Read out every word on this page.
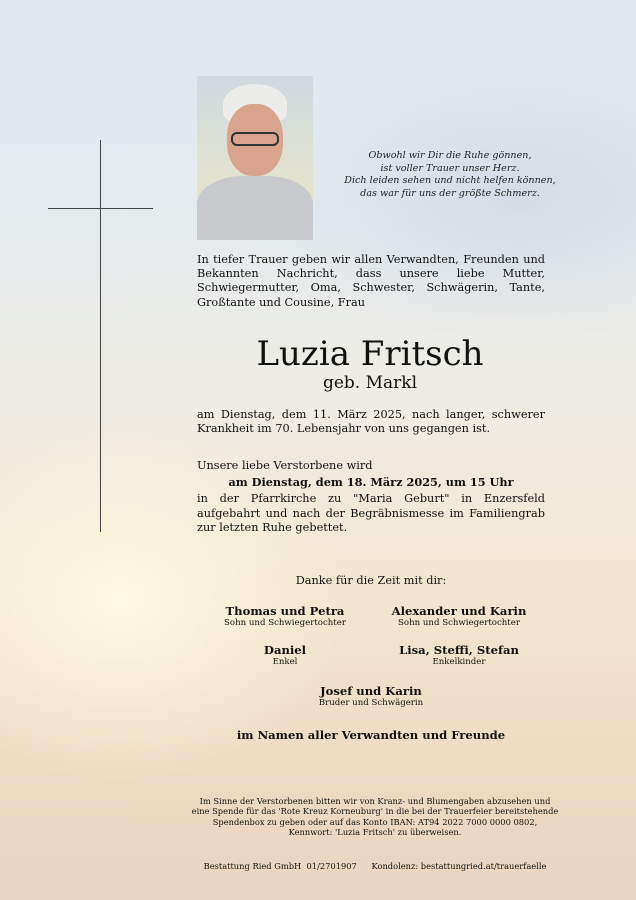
Obwohl wir Dir die Ruhe gönnen,
ist voller Trauer unser Herz.
Dich leiden sehen und nicht helfen können,
das war für uns der größte Schmerz.
In tiefer Trauer geben wir allen Verwandten, Freunden und Bekannten Nachricht, dass unsere liebe Mutter, Schwiegermutter, Oma, Schwester, Schwägerin, Tante, Großtante und Cousine, Frau
Luzia Fritsch
geb. Markl
am Dienstag, dem 11. März 2025, nach langer, schwerer Krankheit im 70. Lebensjahr von uns gegangen ist.
Unsere liebe Verstorbene wird
am Dienstag, dem 18. März 2025, um 15 Uhr
in der Pfarrkirche zu "Maria Geburt" in Enzersfeld aufgebahrt und nach der Begräbnismesse im Familiengrab zur letzten Ruhe gebettet.
Danke für die Zeit mit dir:
Thomas und Petra
Sohn und Schwiegertochter
Alexander und Karin
Sohn und Schwiegertochter
Daniel
Enkel
Lisa, Steffi, Stefan
Enkelkinder
Josef und Karin
Bruder und Schwägerin
im Namen aller Verwandten und Freunde
Im Sinne der Verstorbenen bitten wir von Kranz- und Blumengaben abzusehen und eine Spende für das 'Rote Kreuz Korneuburg' in die bei der Trauerfeier bereitstehende Spendenbox zu geben oder auf das Konto IBAN: AT94 2022 7000 0000 0802, Kennwort: 'Luzia Fritsch' zu überweisen.
Bestattung Ried GmbH  01/2701907 Kondolenz: bestattungried.at/trauerfaelle
